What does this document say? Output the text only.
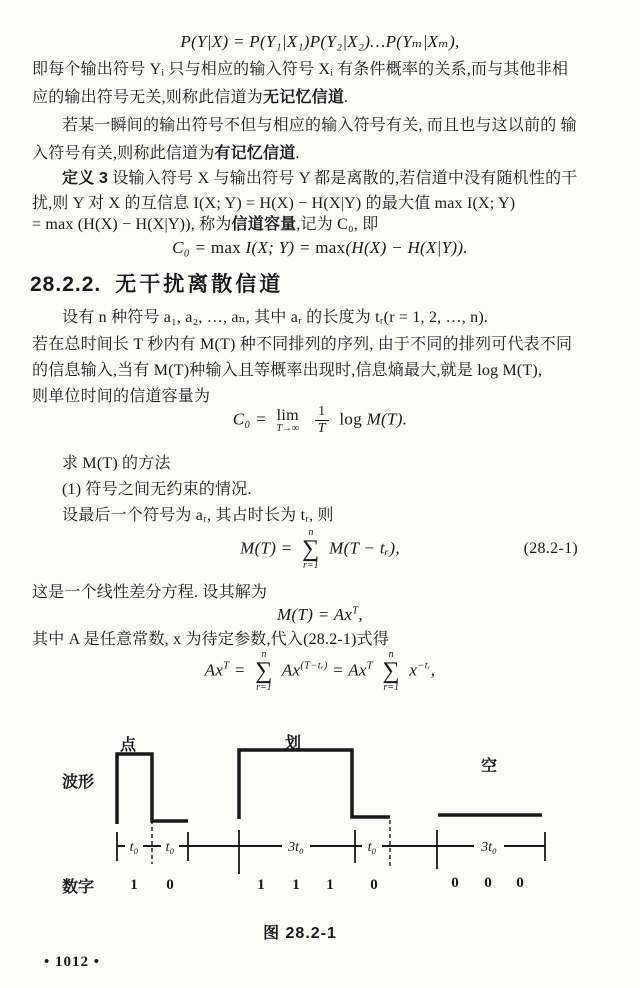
P(Y|X) = P(Y₁|X₁)P(Y₂|X₂)…P(Yₘ|Xₘ),
即每个输出符号 Yᵢ 只与相应的输入符号 Xᵢ 有条件概率的关系,而与其他非相
应的输出符号无关,则称此信道为无记忆信道.
若某一瞬间的输出符号不但与相应的输入符号有关, 而且也与这以前的 输
入符号有关,则称此信道为有记忆信道.
定义 3 设输入符号 X 与输出符号 Y 都是离散的,若信道中没有随机性的干
扰,则 Y 对 X 的互信息 I(X; Y) = H(X) − H(X|Y) 的最大值 max I(X; Y)
= max (H(X) − H(X|Y)), 称为信道容量,记为 C₀, 即
C₀ = max I(X; Y) = max(H(X) − H(X|Y)).
28.2.2. 无干扰离散信道
设有 n 种符号 a₁, a₂, …, aₙ, 其中 aᵣ 的长度为 tᵣ(r = 1, 2, …, n).
若在总时间长 T 秒内有 M(T) 种不同排列的序列, 由于不同的排列可代表不同
的信息输入,当有 M(T)种输入且等概率出现时,信息熵最大,就是 log M(T),
则单位时间的信道容量为
C₀ = lim
T→∞
$\frac{1}{T}$ log M(T).
求 M(T) 的方法
(1) 符号之间无约束的情况.
设最后一个符号为 aᵣ, 其占时长为 tᵣ, 则
M(T) =
n
∑
r=1
M(T − tᵣ),	(28.2-1)
这是一个线性差分方程. 设其解为
$M(T) = Ax^T$,
其中 A 是任意常数, x 为待定参数,代入(28.2-1)式得
$Ax^T$ =
n
∑
r=1
$Ax^{(T-tᵣ)} = Ax^T$
n
∑
r=1
$x^{-tᵣ}$,
点	划
空
波形
数字
t₀ t₀	3t₀	t₀	3t₀
1 0	1 1 1 0	0 0 0
图 28.2-1
• 1012 •
